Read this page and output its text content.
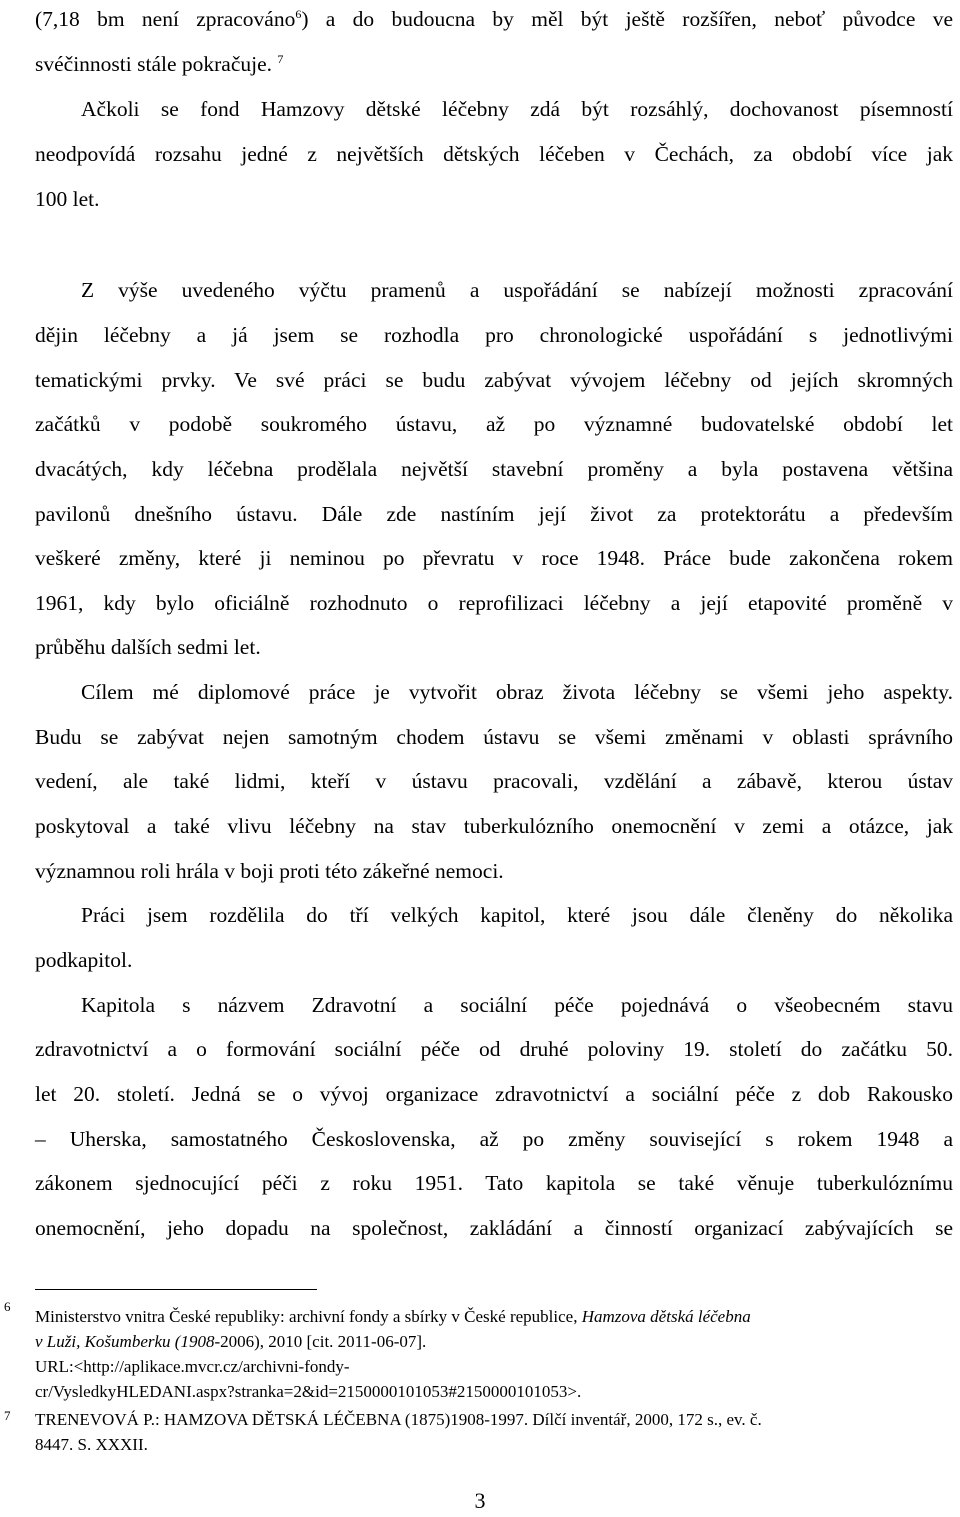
(7,18 bm není zpracováno$^6$) a do budoucna by měl být ještě rozšířen, neboť původce ve
svéčinnosti stále pokračuje. $^7$
Ačkoli se fond Hamzovy dětské léčebny zdá být rozsáhlý, dochovanost písemností
neodpovídá rozsahu jedné z největších dětských léčeben v Čechách, za období více jak
100 let.
Z výše uvedeného výčtu pramenů a uspořádání se nabízejí možnosti zpracování
dějin léčebny a já jsem se rozhodla pro chronologické uspořádání s jednotlivými
tematickými prvky. Ve své práci se budu zabývat vývojem léčebny od jejích skromných
začátků v podobě soukromého ústavu, až po významné budovatelské období let
dvacátých, kdy léčebna prodělala největší stavební proměny a byla postavena většina
pavilonů dnešního ústavu. Dále zde nastíním její život za protektorátu a především
veškeré změny, které ji neminou po převratu v roce 1948. Práce bude zakončena rokem
1961, kdy bylo oficiálně rozhodnuto o reprofilizaci léčebny a její etapovité proměně v
průběhu dalších sedmi let.
Cílem mé diplomové práce je vytvořit obraz života léčebny se všemi jeho aspekty.
Budu se zabývat nejen samotným chodem ústavu se všemi změnami v oblasti správního
vedení, ale také lidmi, kteří v ústavu pracovali, vzdělání a zábavě, kterou ústav
poskytoval a také vlivu léčebny na stav tuberkulózního onemocnění v zemi a otázce, jak
významnou roli hrála v boji proti této zákeřné nemoci.
Práci jsem rozdělila do tří velkých kapitol, které jsou dále členěny do několika
podkapitol.
Kapitola s názvem Zdravotní a sociální péče pojednává o všeobecném stavu
zdravotnictví a o formování sociální péče od druhé poloviny 19. století do začátku 50.
let 20. století. Jedná se o vývoj organizace zdravotnictví a sociální péče z dob Rakousko
– Uherska, samostatného Československa, až po změny související s rokem 1948 a
zákonem sjednocující péči z roku 1951. Tato kapitola se také věnuje tuberkulóznímu
onemocnění, jeho dopadu na společnost, zakládání a činností organizací zabývajících se
6
Ministerstvo vnitra České republiky: archivní fondy a sbírky v České republice, Hamzova dětská léčebna
v Luži, Košumberku (1908-2006), 2010 [cit. 2011-06-07].
URL:<http://aplikace.mvcr.cz/archivni-fondy-
cr/VysledkyHLEDANI.aspx?stranka=2&id=2150000101053#2150000101053>.
7 TRENEVOVÁ P.: HAMZOVA DĚTSKÁ LÉČEBNA (1875)1908-1997. Dílčí inventář, 2000, 172 s., ev. č.
8447. S. XXXII.
3
